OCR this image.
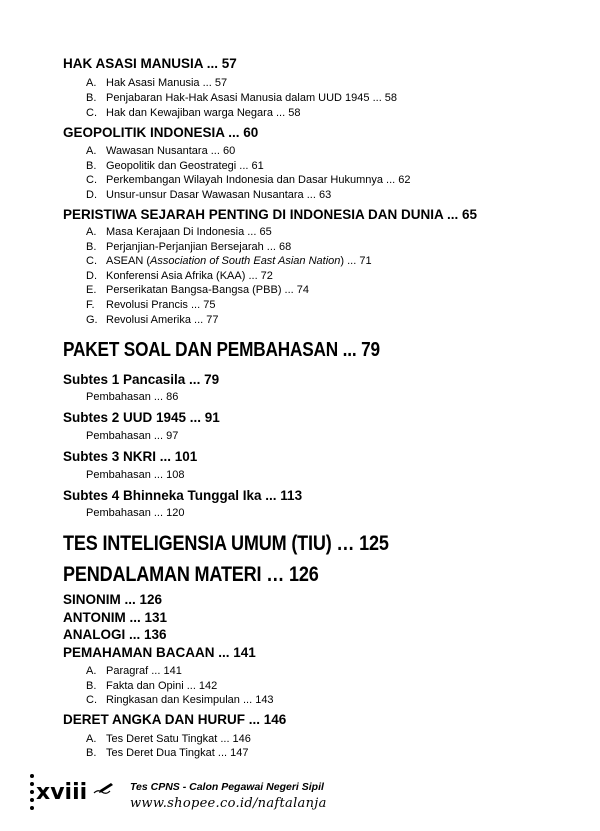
HAK ASASI MANUSIA ... 57
A. Hak Asasi Manusia ... 57
B. Penjabaran Hak-Hak Asasi Manusia dalam UUD 1945 ... 58
C. Hak dan Kewajiban warga Negara ... 58
GEOPOLITIK INDONESIA ... 60
A. Wawasan Nusantara ... 60
B. Geopolitik dan Geostrategi ... 61
C. Perkembangan Wilayah Indonesia dan Dasar Hukumnya ... 62
D. Unsur-unsur Dasar Wawasan Nusantara ... 63
PERISTIWA SEJARAH PENTING DI INDONESIA DAN DUNIA ... 65
A. Masa Kerajaan Di Indonesia ... 65
B. Perjanjian-Perjanjian Bersejarah ... 68
C. ASEAN (Association of South East Asian Nation) ... 71
D. Konferensi Asia Afrika (KAA) ... 72
E. Perserikatan Bangsa-Bangsa (PBB) ... 74
F. Revolusi Prancis ... 75
G. Revolusi Amerika ... 77
PAKET SOAL DAN PEMBAHASAN ... 79
Subtes 1 Pancasila ... 79
Pembahasan ... 86
Subtes 2 UUD 1945 ... 91
Pembahasan ... 97
Subtes 3 NKRI ... 101
Pembahasan ... 108
Subtes 4 Bhinneka Tunggal Ika ... 113
Pembahasan ... 120
TES INTELIGENSIA UMUM (TIU) … 125
PENDALAMAN MATERI … 126
SINONIM ... 126
ANTONIM ... 131
ANALOGI ... 136
PEMAHAMAN BACAAN ... 141
A. Paragraf ... 141
B. Fakta dan Opini ... 142
C. Ringkasan dan Kesimpulan ... 143
DERET ANGKA DAN HURUF ... 146
A. Tes Deret Satu Tingkat ... 146
B. Tes Deret Dua Tingkat ... 147
xviii	Tes CPNS - Calon Pegawai Negeri Sipil
www.shopee.co.id/naftalanja
